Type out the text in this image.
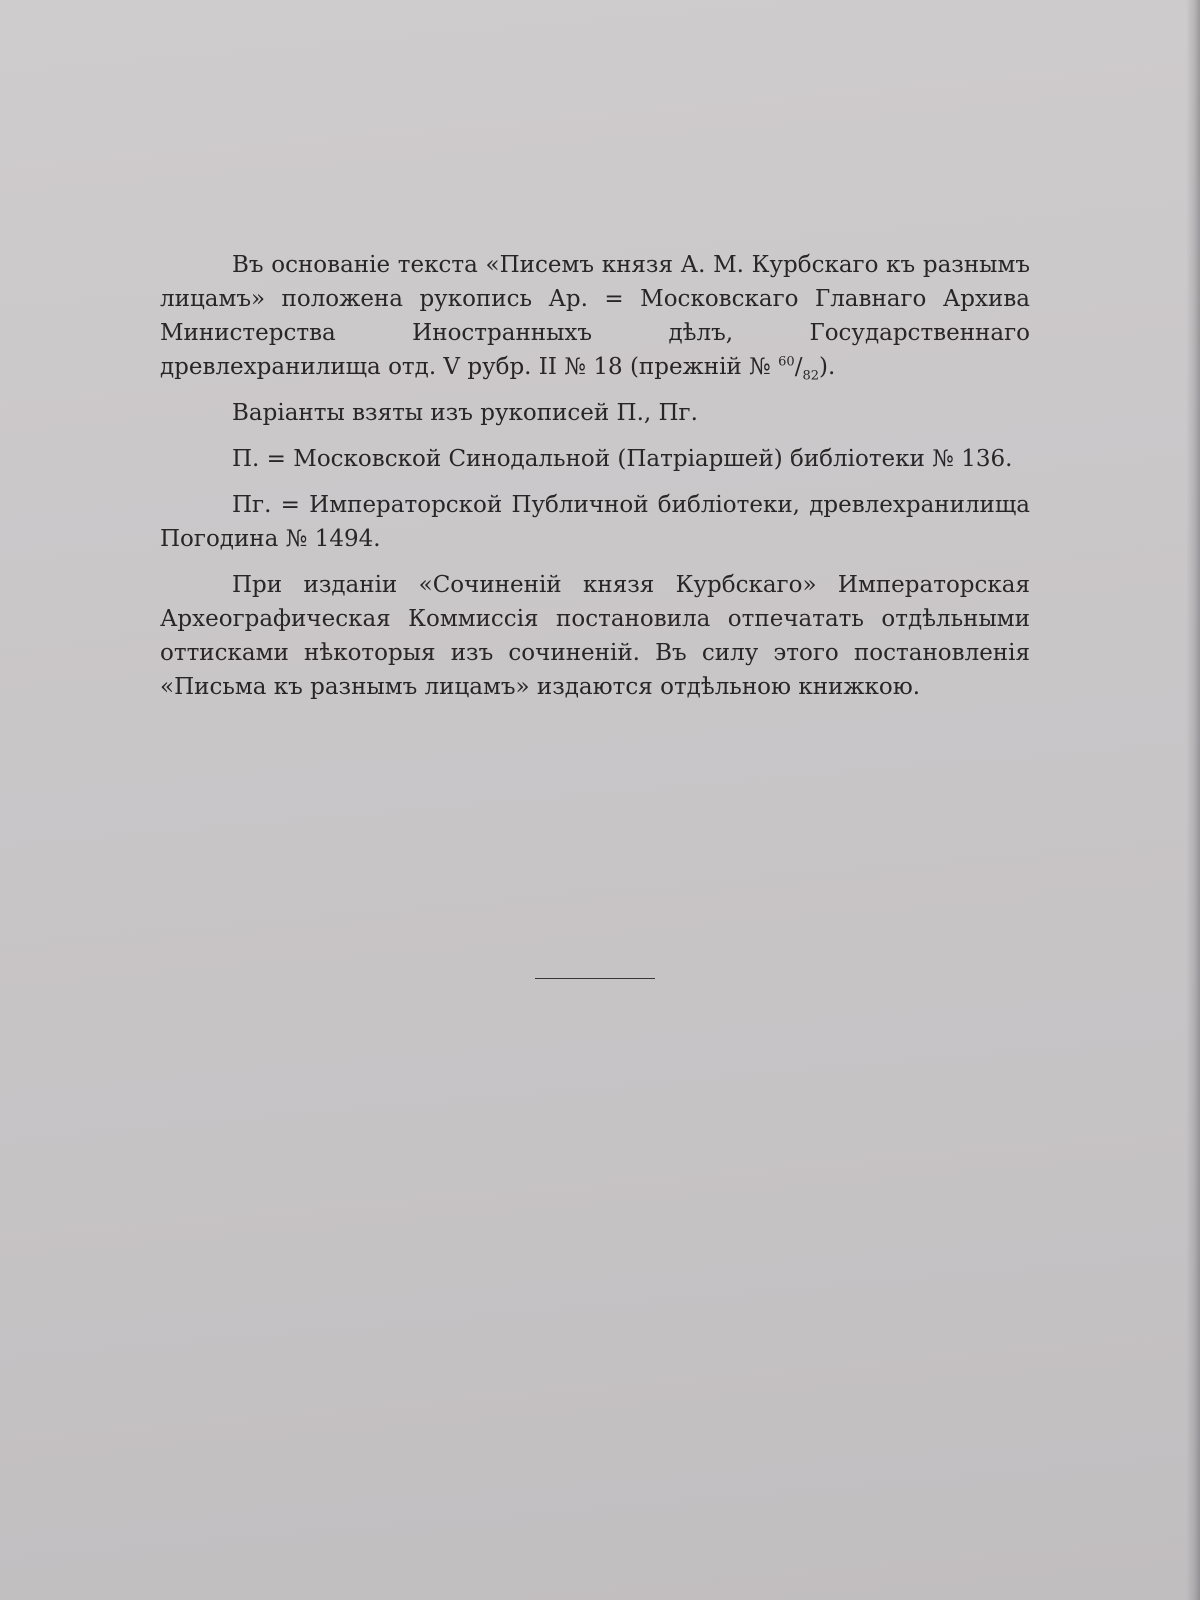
Въ основаніе текста «Писемъ князя А. М. Курбскаго къ разнымъ лицамъ» положена рукопись Ар. = Московскаго Главнаго Архива Министерства Иностранныхъ дѣлъ, Государственнаго древлехранилища отд. V рубр. II № 18 (прежній № $^{60}/_{82}$).

Варіанты взяты изъ рукописей П., Пг.

П. = Московской Синодальной (Патріаршей) библіотеки № 136.

Пг. = Императорской Публичной библіотеки, древлехранилища Погодина № 1494.

При изданіи «Сочиненій князя Курбскаго» Императорская Археографическая Коммиссія постановила отпечатать отдѣльными оттисками нѣкоторыя изъ сочиненій. Въ силу этого постановленія «Письма къ разнымъ лицамъ» издаются отдѣльною книжкою.
